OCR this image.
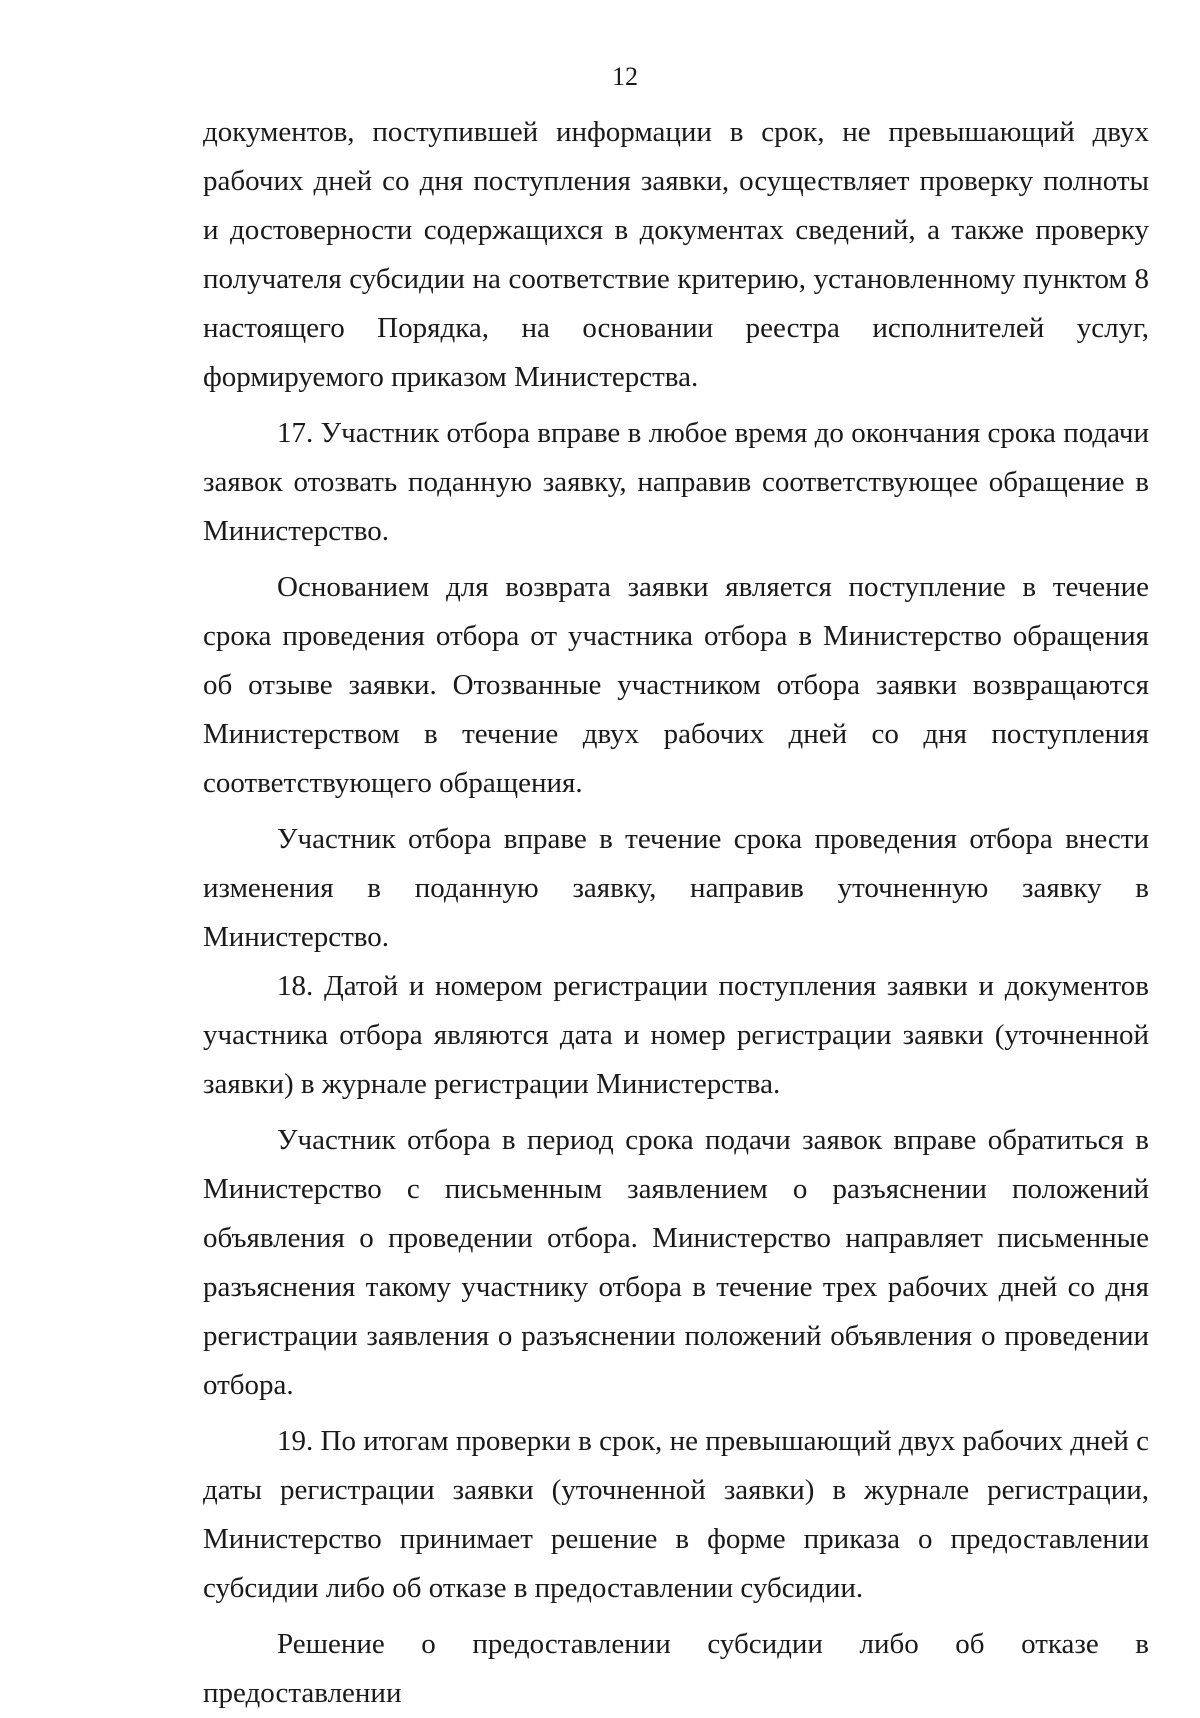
12

документов, поступившей информации в срок, не превышающий двух рабочих дней со дня поступления заявки, осуществляет проверку полноты и достоверности содержащихся в документах сведений, а также проверку получателя субсидии на соответствие критерию, установленному пунктом 8 настоящего Порядка, на основании реестра исполнителей услуг, формируемого приказом Министерства.

17. Участник отбора вправе в любое время до окончания срока подачи заявок отозвать поданную заявку, направив соответствующее обращение в Министерство.

Основанием для возврата заявки является поступление в течение срока проведения отбора от участника отбора в Министерство обращения об отзыве заявки. Отозванные участником отбора заявки возвращаются Министерством в течение двух рабочих дней со дня поступления соответствующего обращения.

Участник отбора вправе в течение срока проведения отбора внести изменения в поданную заявку, направив уточненную заявку в Министерство.

18. Датой и номером регистрации поступления заявки и документов участника отбора являются дата и номер регистрации заявки (уточненной заявки) в журнале регистрации Министерства.

Участник отбора в период срока подачи заявок вправе обратиться в Министерство с письменным заявлением о разъяснении положений объявления о проведении отбора. Министерство направляет письменные разъяснения такому участнику отбора в течение трех рабочих дней со дня регистрации заявления о разъяснении положений объявления о проведении отбора.

19. По итогам проверки в срок, не превышающий двух рабочих дней с даты регистрации заявки (уточненной заявки) в журнале регистрации, Министерство принимает решение в форме приказа о предоставлении субсидии либо об отказе в предоставлении субсидии.

Решение о предоставлении субсидии либо об отказе в предоставлении
